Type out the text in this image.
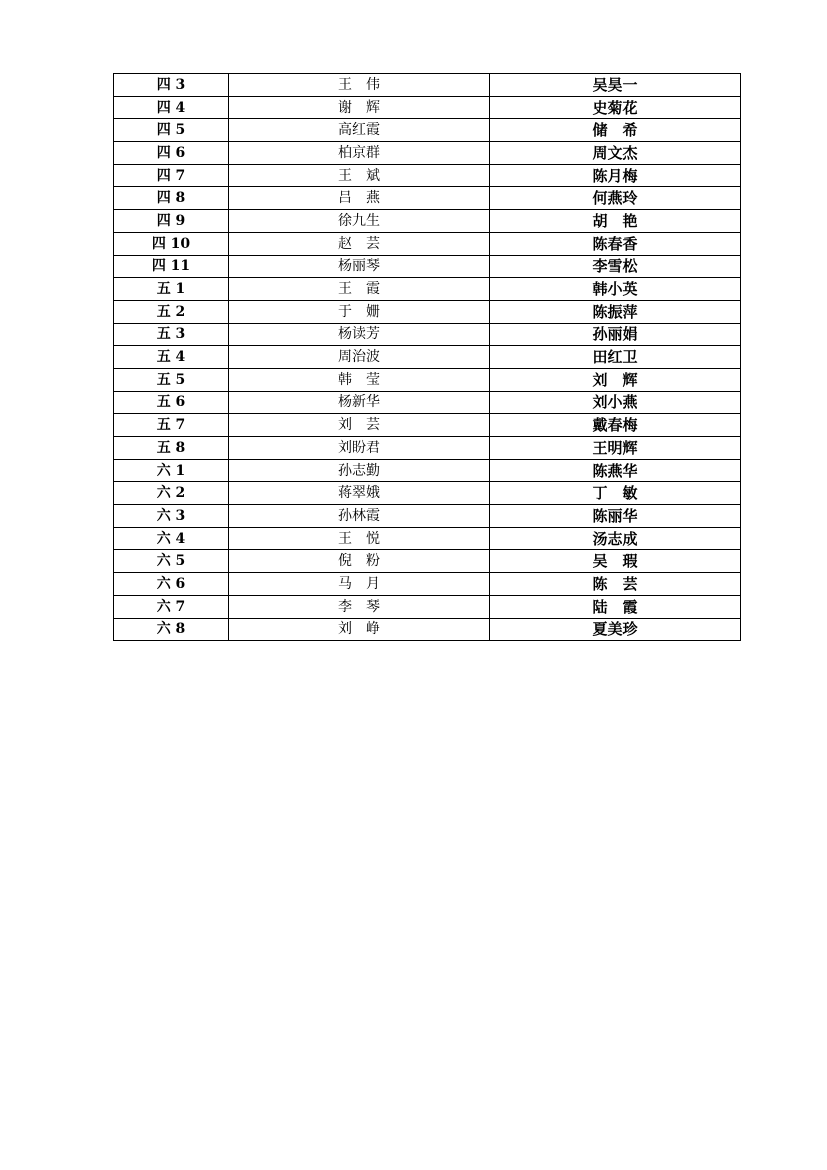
四 3	王　伟	吴昊一
四 4	谢　辉	史菊花
四 5	高红霞	储　希
四 6	柏京群	周文杰
四 7	王　斌	陈月梅
四 8	吕　燕	何燕玲
四 9	徐九生	胡　艳
四 10	赵　芸	陈春香
四 11	杨丽琴	李雪松
五 1	王　霞	韩小英
五 2	于　姗	陈振萍
五 3	杨读芳	孙丽娟
五 4	周治波	田红卫
五 5	韩　莹	刘　辉
五 6	杨新华	刘小燕
五 7	刘　芸	戴春梅
五 8	刘盼君	王明辉
六 1	孙志勤	陈燕华
六 2	蒋翠娥	丁　敏
六 3	孙林霞	陈丽华
六 4	王　悦	汤志成
六 5	倪　粉	吴　瑕
六 6	马　月	陈　芸
六 7	李　琴	陆　霞
六 8	刘　峥	夏美珍
